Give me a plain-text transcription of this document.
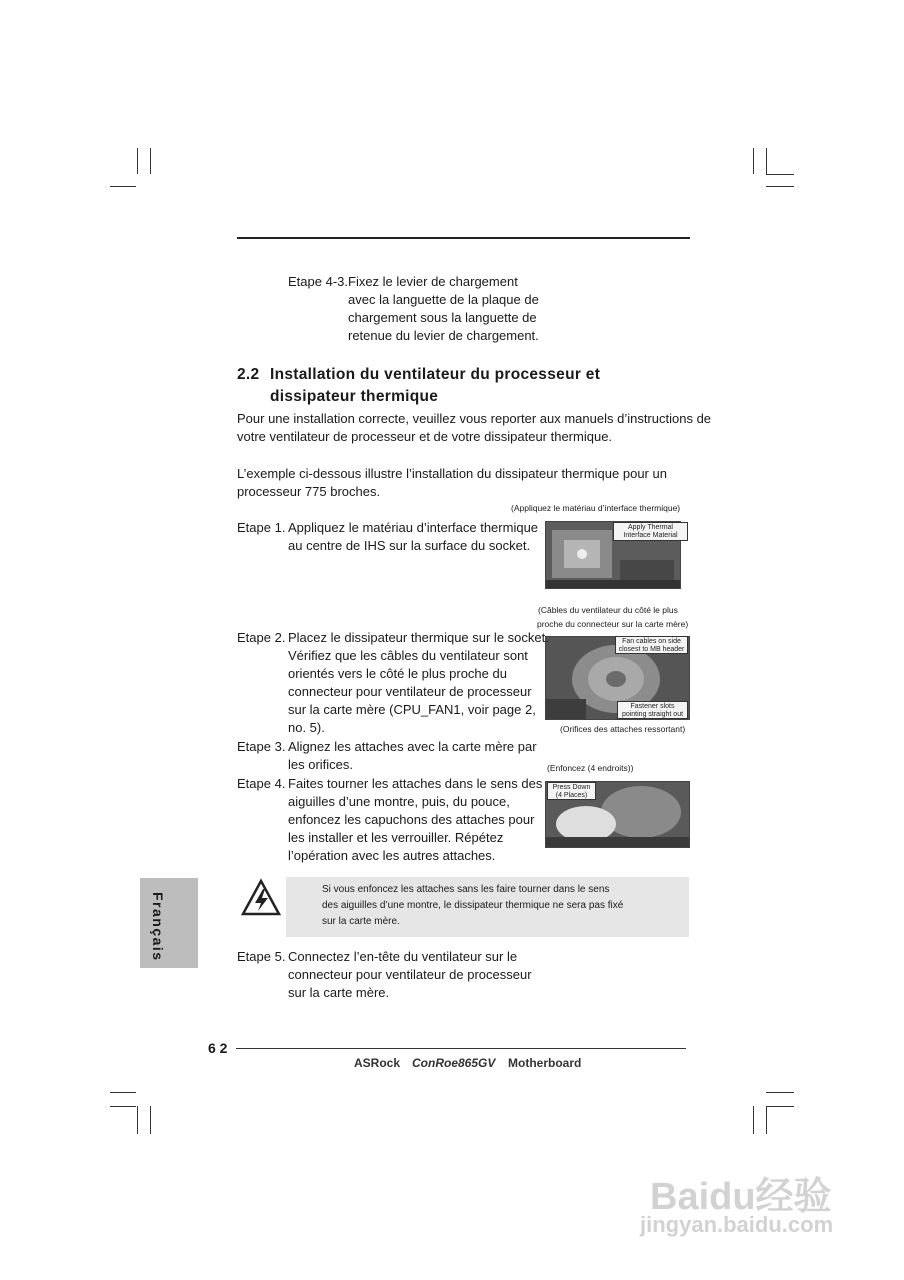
Etape 4-3. Fixez le levier de chargement
avec la languette de la plaque de
chargement sous la languette de
retenue du levier de chargement.
2.2 Installation du ventilateur du processeur et
dissipateur thermique
Pour une installation correcte, veuillez vous reporter aux manuels d’instructions de
votre ventilateur de processeur et de votre dissipateur thermique.
L’exemple ci-dessous illustre l’installation du dissipateur thermique pour un
processeur 775 broches.
(Appliquez le matériau d’interface thermique)
Apply Thermal
Interface Material
Etape 1. Appliquez le matériau d’interface thermique
au centre de IHS sur la surface du socket.
(Câbles du ventilateur du côté le plus
proche du connecteur sur la carte mère)
Fan cables on side
closest to MB header
Fastener slots
pointing straight out
(Orifices des attaches ressortant)
Etape 2. Placez le dissipateur thermique sur le socket.
Vérifiez que les câbles du ventilateur sont
orientés vers le côté le plus proche du
connecteur pour ventilateur de processeur
sur la carte mère (CPU_FAN1, voir page 2,
no. 5).
Etape 3. Alignez les attaches avec la carte mère par
les orifices.	(Enfoncez (4 endroits))
Press Down
(4 Places)
Etape 4. Faites tourner les attaches dans le sens des
aiguilles d’une montre, puis, du pouce,
enfoncez les capuchons des attaches pour
les installer et les verrouiller. Répétez
l’opération avec les autres attaches.
Français
Si vous enfoncez les attaches sans les faire tourner dans le sens
des aiguilles d’une montre, le dissipateur thermique ne sera pas fixé
sur la carte mère.
Etape 5. Connectez l’en-tête du ventilateur sur le
connecteur pour ventilateur de processeur
sur la carte mère.
6 2
ASRock ConRoe865GV Motherboard
Baidu经验
jingyan.baidu.com
